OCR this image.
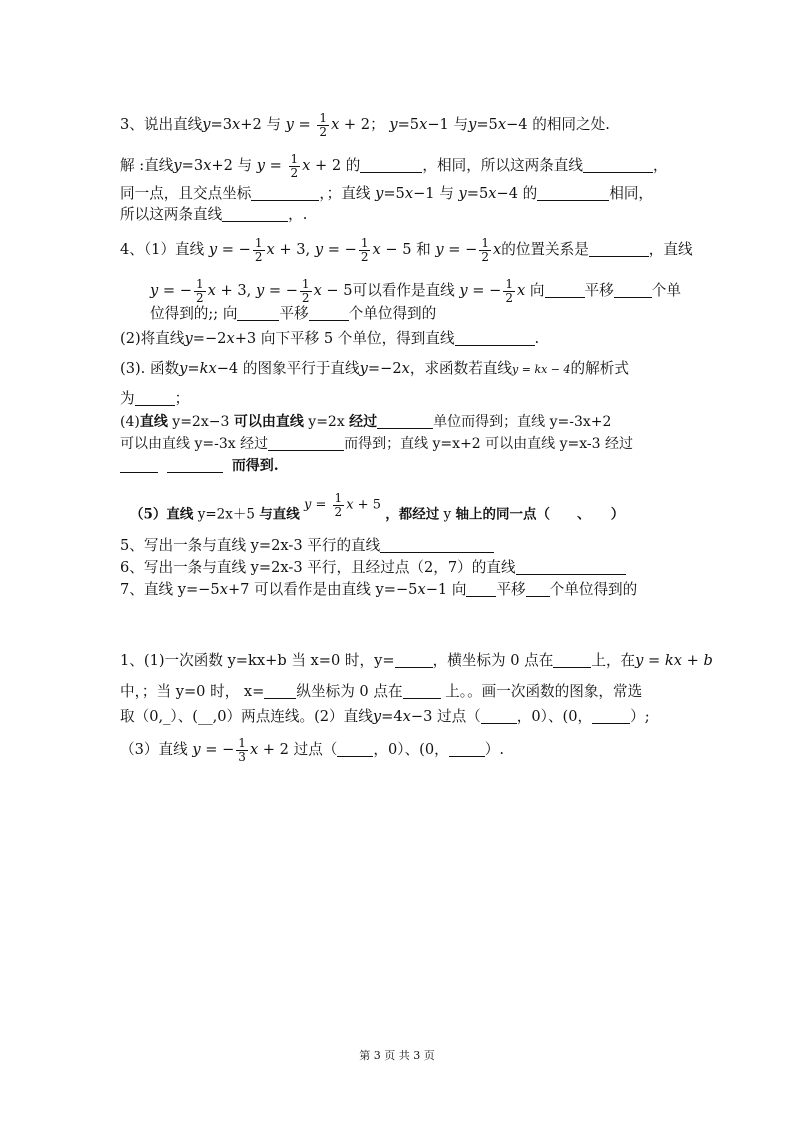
3、说出直线y=3x+2 与 $y = \frac{1}{2}$ x + 2； y=5x−1 与y=5x−4 的相同之处.
解 :直线y=3x+2 与 $y = \frac{1}{2}$ x + 2 的	，相同，所以这两条直线	，
同一点，且交点坐标	，；直线 y=5x−1 与 y=5x−4 的	相同，
所以这两条直线	，.
4、（1）直线 y = − $\frac{1}{2}$ x + 3, y = − $\frac{1}{2}$ x − 5 和 y = − $\frac{1}{2}$ x的位置关系是	，直线
y = − $\frac{1}{2}$ x + 3, y = − $\frac{1}{2}$ x − 5可以看作是直线 y = − $\frac{1}{2}$ x 向	平移	个单
位得到的;; 向	平移	个单位得到的
(2)将直线y=−2x+3 向下平移 5 个单位，得到直线	.
(3). 函数y=kx−4 的图象平行于直线y=−2x，求函数若直线y = kx − 4的解析式
为	；
(4)直线 y=2x−3 可以由直线 y=2x 经过	单位而得到；直线 y=-3x+2
可以由直线 y=-3x 经过	而得到；直线 y=x+2 可以由直线 y=x-3 经过
而得到.
（5）直线 y=2x＋5 与直线 $y = \frac{1}{2}$ x + 5 ，都经过 y 轴上的同一点（　　、　　）
5、写出一条与直线 y=2x-3 平行的直线
6、写出一条与直线 y=2x-3 平行，且经过点（2，7）的直线
7、直线 y=−5x+7 可以看作是由直线 y=−5x−1 向 平移 个单位得到的
1、(1)一次函数 y=kx+b 当 x=0 时，y=	，横坐标为 0 点在	上，在y = kx + b
中，；当 y=0 时， x= 纵坐标为 0 点在	上。。画一次函数的图象，常选
取（0,_）、(__,0）两点连线。(2）直线y=4x−3 过点（ ，0）、(0，	）;
（3）直线 y = − $\frac{1}{3}$ x + 2 过点（ ，0）、(0， ）.
第 3 页 共 3 页
